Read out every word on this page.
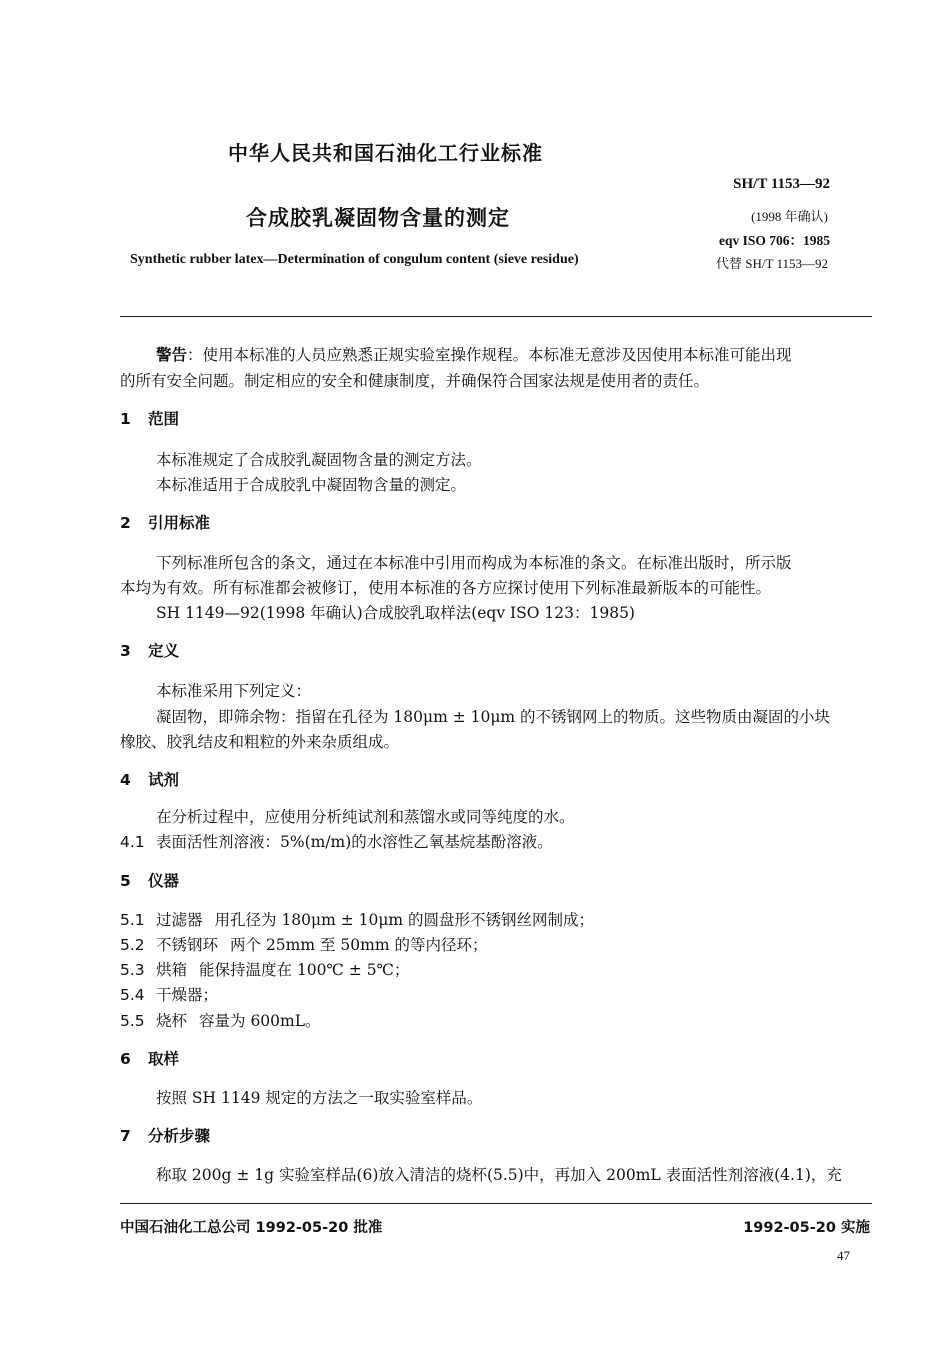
中华人民共和国石油化工行业标准
SH/T 1153—92
合成胶乳凝固物含量的测定	(1998 年确认)
eqv ISO 706：1985
Synthetic rubber latex—Determination of congulum content (sieve residue)	代替 SH/T 1153—92
警告：使用本标准的人员应熟悉正规实验室操作规程。本标准无意涉及因使用本标准可能出现
的所有安全问题。制定相应的安全和健康制度，并确保符合国家法规是使用者的责任。
1 范围
本标准规定了合成胶乳凝固物含量的测定方法。
本标准适用于合成胶乳中凝固物含量的测定。
2 引用标准
下列标准所包含的条文，通过在本标准中引用而构成为本标准的条文。在标准出版时，所示版
本均为有效。所有标准都会被修订，使用本标准的各方应探讨使用下列标准最新版本的可能性。
SH 1149—92(1998 年确认)合成胶乳取样法(eqv ISO 123：1985)
3 定义
本标准采用下列定义：
凝固物，即筛余物：指留在孔径为 180μm ± 10μm 的不锈钢网上的物质。这些物质由凝固的小块
橡胶、胶乳结皮和粗粒的外来杂质组成。
4 试剂
在分析过程中，应使用分析纯试剂和蒸馏水或同等纯度的水。
4.1 表面活性剂溶液：5%(m/m)的水溶性乙氧基烷基酚溶液。
5 仪器
5.1 过滤器 用孔径为 180μm ± 10μm 的圆盘形不锈钢丝网制成；
5.2 不锈钢环 两个 25mm 至 50mm 的等内径环；
5.3 烘箱 能保持温度在 100℃ ± 5℃；
5.4 干燥器；
5.5 烧杯 容量为 600mL。
6 取样
按照 SH 1149 规定的方法之一取实验室样品。
7 分析步骤
称取 200g ± 1g 实验室样品(6)放入清洁的烧杯(5.5)中，再加入 200mL 表面活性剂溶液(4.1)，充
中国石油化工总公司 1992-05-20 批准	1992-05-20 实施
47
